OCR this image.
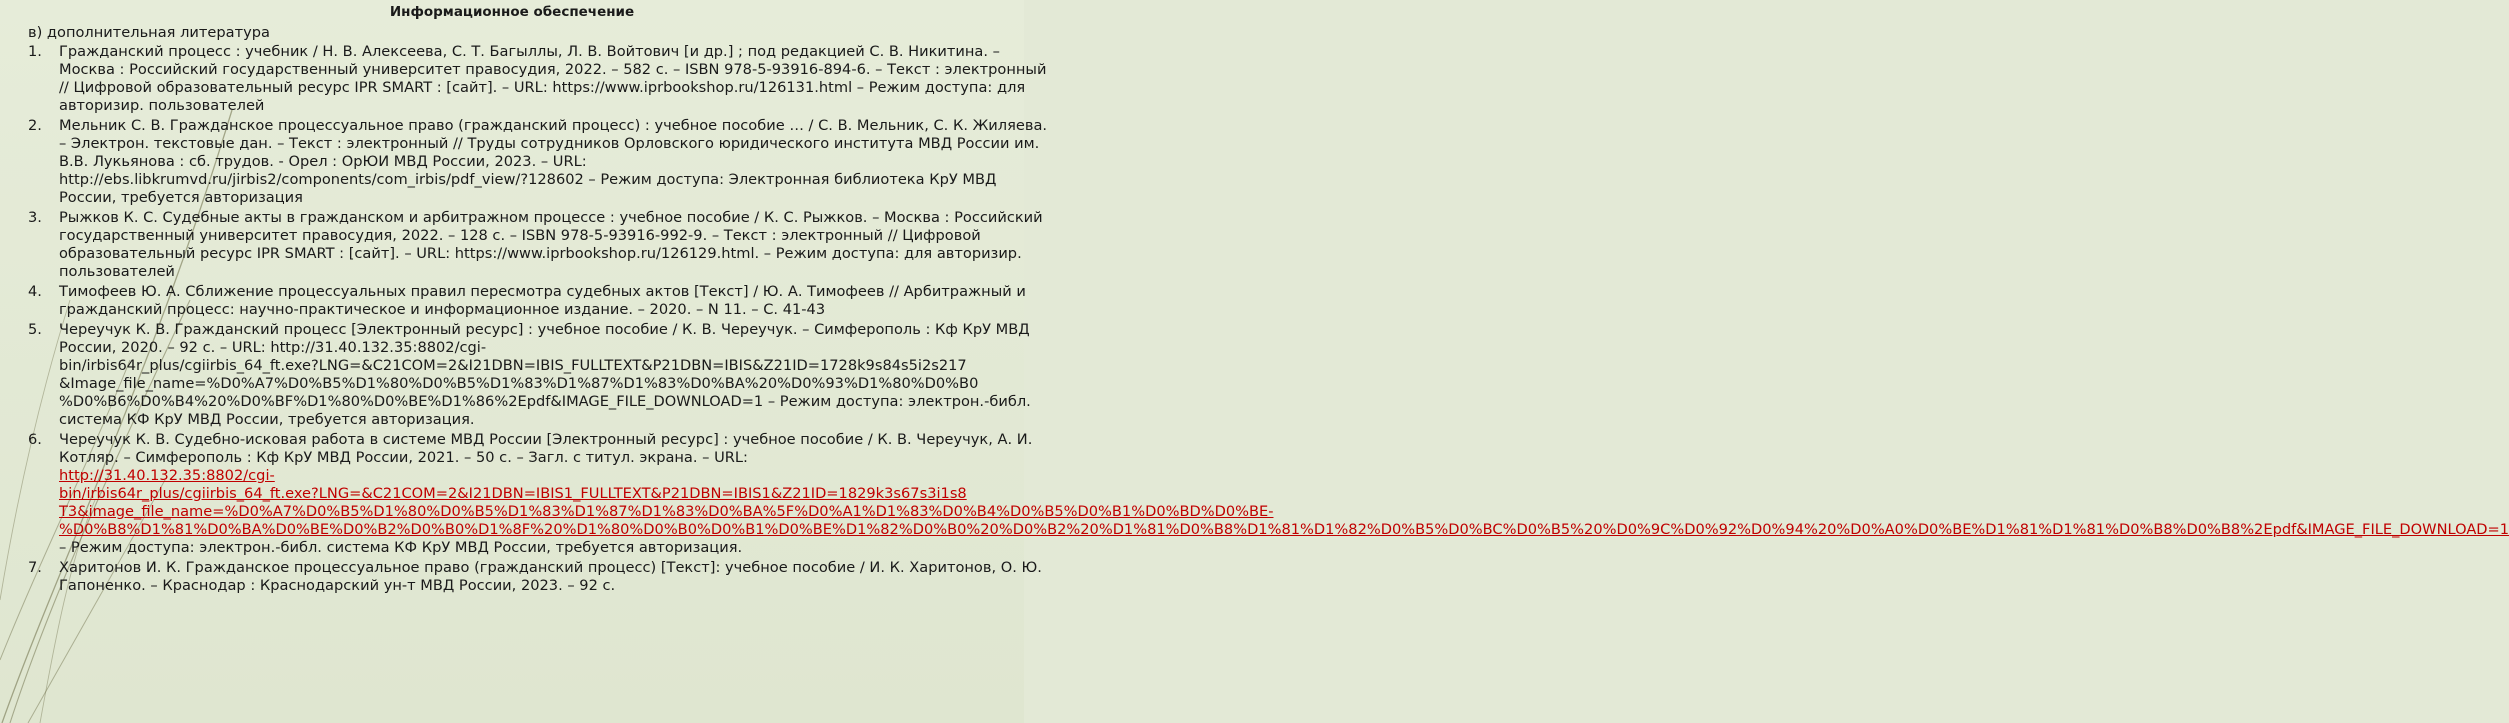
Информационное обеспечение
в) дополнительная литература
1. Гражданский процесс : учебник / Н. В. Алексеева, С. Т. Багыллы, Л. В. Войтович [и др.] ; под редакцией С. В. Никитина. – Москва : Российский государственный университет правосудия, 2022. – 582 с. – ISBN 978-5-93916-894-6. – Текст : электронный // Цифровой образовательный ресурс IPR SMART : [сайт]. – URL: https://www.iprbookshop.ru/126131.html – Режим доступа: для авторизир. пользователей
2. Мельник С. В. Гражданское процессуальное право (гражданский процесс) : учебное пособие … / С. В. Мельник, С. К. Жиляева. – Электрон. текстовые дан. – Текст : электронный // Труды сотрудников Орловского юридического института МВД России им. В.В. Лукьянова : сб. трудов. - Орел : ОрЮИ МВД России, 2023. – URL: http://ebs.libkrumvd.ru/jirbis2/components/com_irbis/pdf_view/?128602 – Режим доступа: Электронная библиотека КрУ МВД России, требуется авторизация
3. Рыжков К. С. Судебные акты в гражданском и арбитражном процессе : учебное пособие / К. С. Рыжков. – Москва : Российский государственный университет правосудия, 2022. – 128 с. – ISBN 978-5-93916-992-9. – Текст : электронный // Цифровой образовательный ресурс IPR SMART : [сайт]. – URL: https://www.iprbookshop.ru/126129.html. – Режим доступа: для авторизир. пользователей
4. Тимофеев Ю. А. Сближение процессуальных правил пересмотра судебных актов [Текст] / Ю. А. Тимофеев // Арбитражный и гражданский процесс: научно-практическое и информационное издание. – 2020. – N 11. – С. 41-43
5. Череучук К. В. Гражданский процесс [Электронный ресурс] : учебное пособие / К. В. Череучук. – Симферополь : Кф КрУ МВД России, 2020. – 92 с. – URL: http://31.40.132.35:8802/cgi-
bin/irbis64r_plus/cgiirbis_64_ft.exe?LNG=&C21COM=2&I21DBN=IBIS_FULLTEXT&P21DBN=IBIS&Z21ID=1728k9s84s5i2s217
&Image_file_name=%D0%A7%D0%B5%D1%80%D0%B5%D1%83%D1%87%D1%83%D0%BA%20%D0%93%D1%80%D0%B0
%D0%B6%D0%B4%20%D0%BF%D1%80%D0%BE%D1%86%2Epdf&IMAGE_FILE_DOWNLOAD=1 – Режим доступа: электрон.-библ. система КФ КрУ МВД России, требуется авторизация.
6. Череучук К. В. Судебно-исковая работа в системе МВД России [Электронный ресурс] : учебное пособие / К. В. Череучук, А. И. Котляр. – Симферополь : Кф КрУ МВД России, 2021. – 50 с. – Загл. с титул. экрана. – URL:
http://31.40.132.35:8802/cgi-
bin/irbis64r_plus/cgiirbis_64_ft.exe?LNG=&C21COM=2&I21DBN=IBIS1_FULLTEXT&P21DBN=IBIS1&Z21ID=1829k3s67s3i1s8
T3&image_file_name=%D0%A7%D0%B5%D1%80%D0%B5%D1%83%D1%87%D1%83%D0%BA%5F%D0%A1%D1%83%D0%B4%D0%B5%D0%B1%D0%BD%D0%BE-%D0%B8%D1%81%D0%BA%D0%BE%D0%B2%D0%B0%D1%8F%20%D1%80%D0%B0%D0%B1%D0%BE%D1%82%D0%B0%20%D0%B2%20%D1%81%D0%B8%D1%81%D1%82%D0%B5%D0%BC%D0%B5%20%D0%9C%D0%92%D0%94%20%D0%A0%D0%BE%D1%81%D1%81%D0%B8%D0%B8%2Epdf&IMAGE_FILE_DOWNLOAD=1 – Режим доступа: электрон.-библ. система КФ КрУ МВД России, требуется авторизация.
7. Харитонов И. К. Гражданское процессуальное право (гражданский процесс) [Текст]: учебное пособие / И. К. Харитонов, О. Ю. Гапоненко. – Краснодар : Краснодарский ун-т МВД России, 2023. – 92 с.
